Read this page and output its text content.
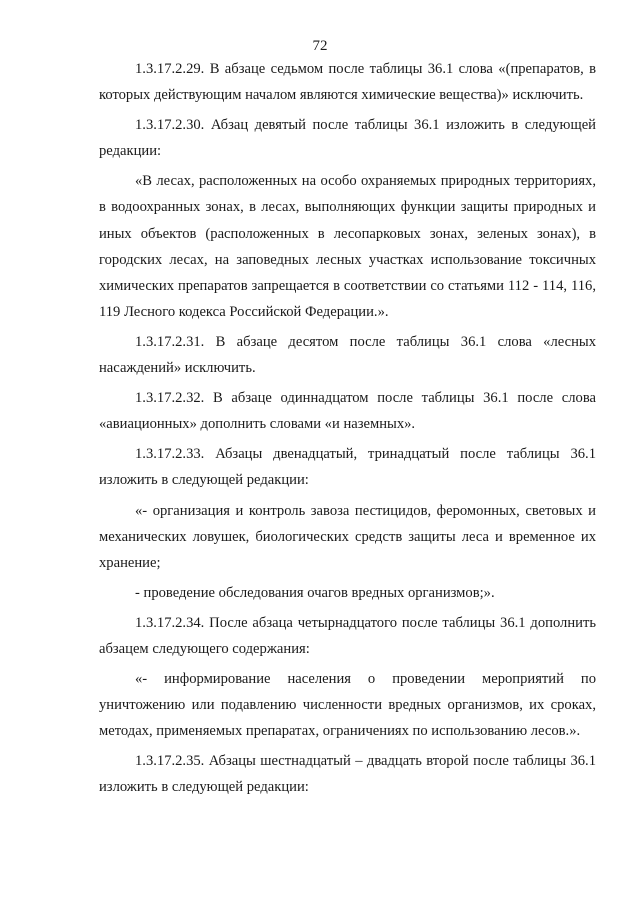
72

1.3.17.2.29. В абзаце седьмом после таблицы 36.1 слова «(препаратов, в которых действующим началом являются химические вещества)» исключить.

1.3.17.2.30. Абзац девятый после таблицы 36.1 изложить в следующей редакции:

«В лесах, расположенных на особо охраняемых природных территориях, в водоохранных зонах, в лесах, выполняющих функции защиты природных и иных объектов (расположенных в лесопарковых зонах, зеленых зонах), в городских лесах, на заповедных лесных участках использование токсичных химических препаратов запрещается в соответствии со статьями 112 - 114, 116, 119 Лесного кодекса Российской Федерации.».

1.3.17.2.31. В абзаце десятом после таблицы 36.1 слова «лесных насаждений» исключить.

1.3.17.2.32. В абзаце одиннадцатом после таблицы 36.1 после слова «авиационных» дополнить словами «и наземных».

1.3.17.2.33. Абзацы двенадцатый, тринадцатый после таблицы 36.1 изложить в следующей редакции:

«- организация и контроль завоза пестицидов, феромонных, световых и механических ловушек, биологических средств защиты леса и временное их хранение;

- проведение обследования очагов вредных организмов;».

1.3.17.2.34. После абзаца четырнадцатого после таблицы 36.1 дополнить абзацем следующего содержания:

«- информирование населения о проведении мероприятий по уничтожению или подавлению численности вредных организмов, их сроках, методах, применяемых препаратах, ограничениях по использованию лесов.».

1.3.17.2.35. Абзацы шестнадцатый – двадцать второй после таблицы 36.1 изложить в следующей редакции:
